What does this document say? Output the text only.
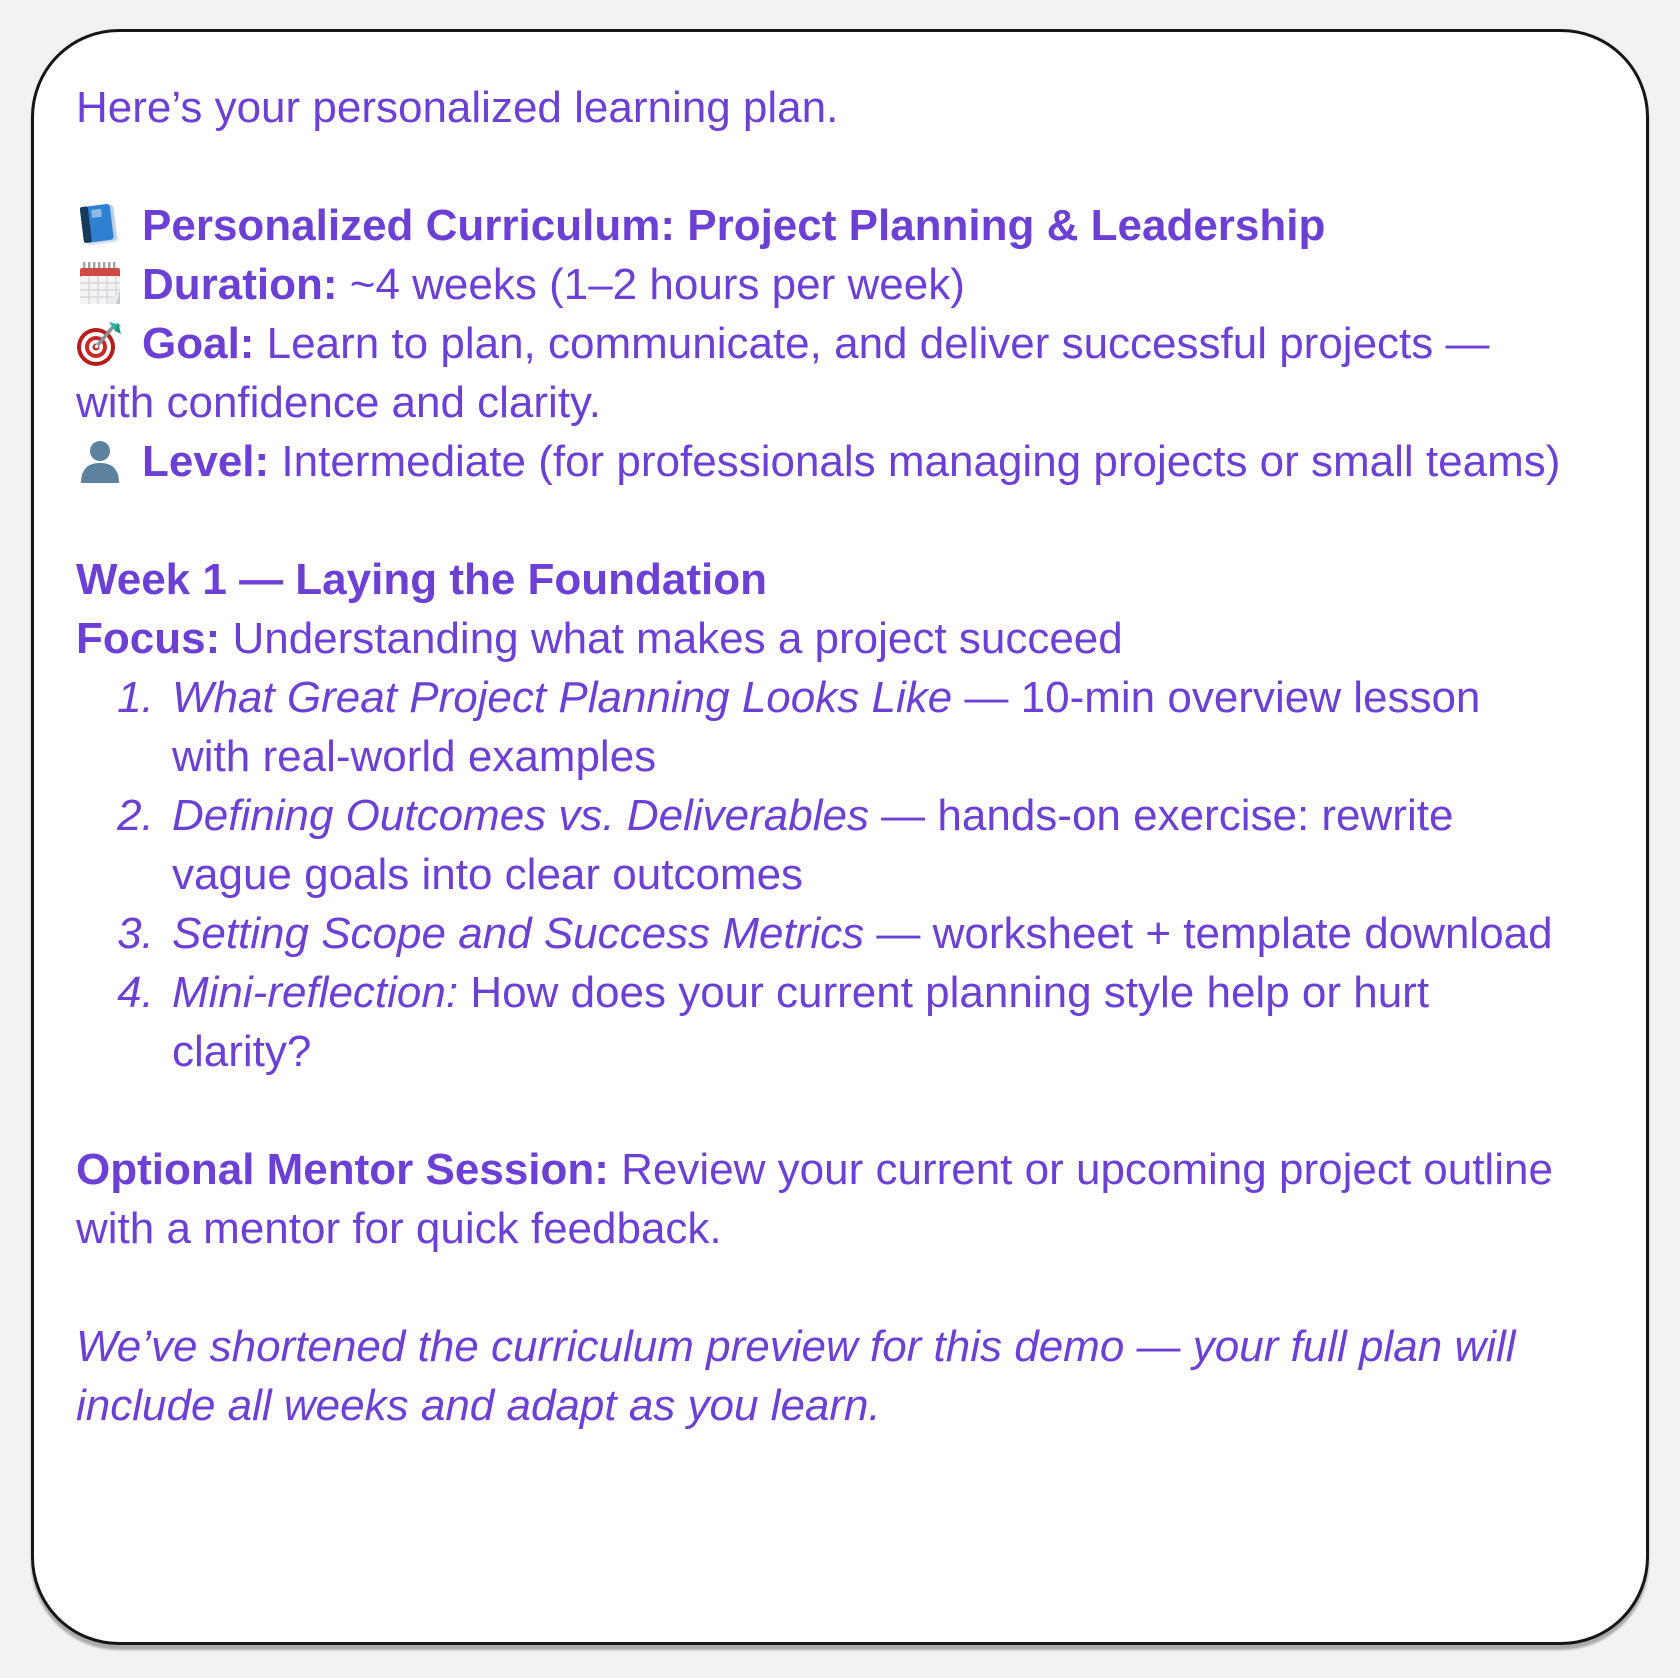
Here’s your personalized learning plan.

Personalized Curriculum: Project Planning & Leadership
Duration: ~4 weeks (1–2 hours per week)
Goal: Learn to plan, communicate, and deliver successful projects — with confidence and clarity.
Level: Intermediate (for professionals managing projects or small teams)
Week 1 — Laying the Foundation
Focus: Understanding what makes a project succeed
1. What Great Project Planning Looks Like — 10-min overview lesson with real-world examples
2. Defining Outcomes vs. Deliverables — hands-on exercise: rewrite vague goals into clear outcomes
3. Setting Scope and Success Metrics — worksheet + template download
4. Mini-reflection: How does your current planning style help or hurt clarity?

Optional Mentor Session: Review your current or upcoming project outline with a mentor for quick feedback.

We’ve shortened the curriculum preview for this demo — your full plan will include all weeks and adapt as you learn.
